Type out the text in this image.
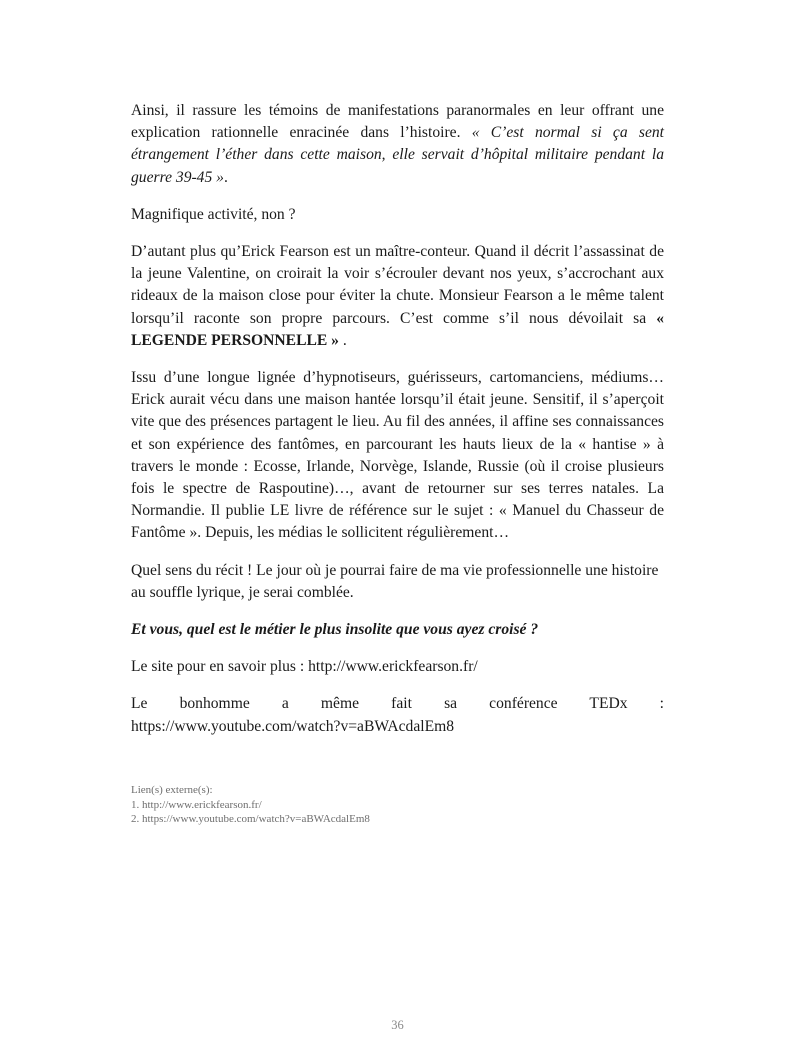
Ainsi, il rassure les témoins de manifestations paranormales en leur offrant une explication rationnelle enracinée dans l’histoire. « C’est normal si ça sent étrangement l’éther dans cette maison, elle servait d’hôpital militaire pendant la guerre 39-45 ».

Magnifique activité, non ?

D’autant plus qu’Erick Fearson est un maître-conteur. Quand il décrit l’assassinat de la jeune Valentine, on croirait la voir s’écrouler devant nos yeux, s’accrochant aux rideaux de la maison close pour éviter la chute. Monsieur Fearson a le même talent lorsqu’il raconte son propre parcours. C’est comme s’il nous dévoilait sa « LEGENDE PERSONNELLE » .

Issu d’une longue lignée d’hypnotiseurs, guérisseurs, cartomanciens, médiums… Erick aurait vécu dans une maison hantée lorsqu’il était jeune. Sensitif, il s’aperçoit vite que des présences partagent le lieu. Au fil des années, il affine ses connaissances et son expérience des fantômes, en parcourant les hauts lieux de la « hantise » à travers le monde : Ecosse, Irlande, Norvège, Islande, Russie (où il croise plusieurs fois le spectre de Raspoutine)…, avant de retourner sur ses terres natales. La Normandie. Il publie LE livre de référence sur le sujet : « Manuel du Chasseur de Fantôme ». Depuis, les médias le sollicitent régulièrement…

Quel sens du récit ! Le jour où je pourrai faire de ma vie professionnelle une histoire au souffle lyrique, je serai comblée.

Et vous, quel est le métier le plus insolite que vous ayez croisé ?

Le site pour en savoir plus : http://www.erickfearson.fr/

Le bonhomme a même fait sa conférence TEDx :
https://www.youtube.com/watch?v=aBWAcdalEm8

Lien(s) externe(s):
1. http://www.erickfearson.fr/
2. https://www.youtube.com/watch?v=aBWAcdalEm8
36
